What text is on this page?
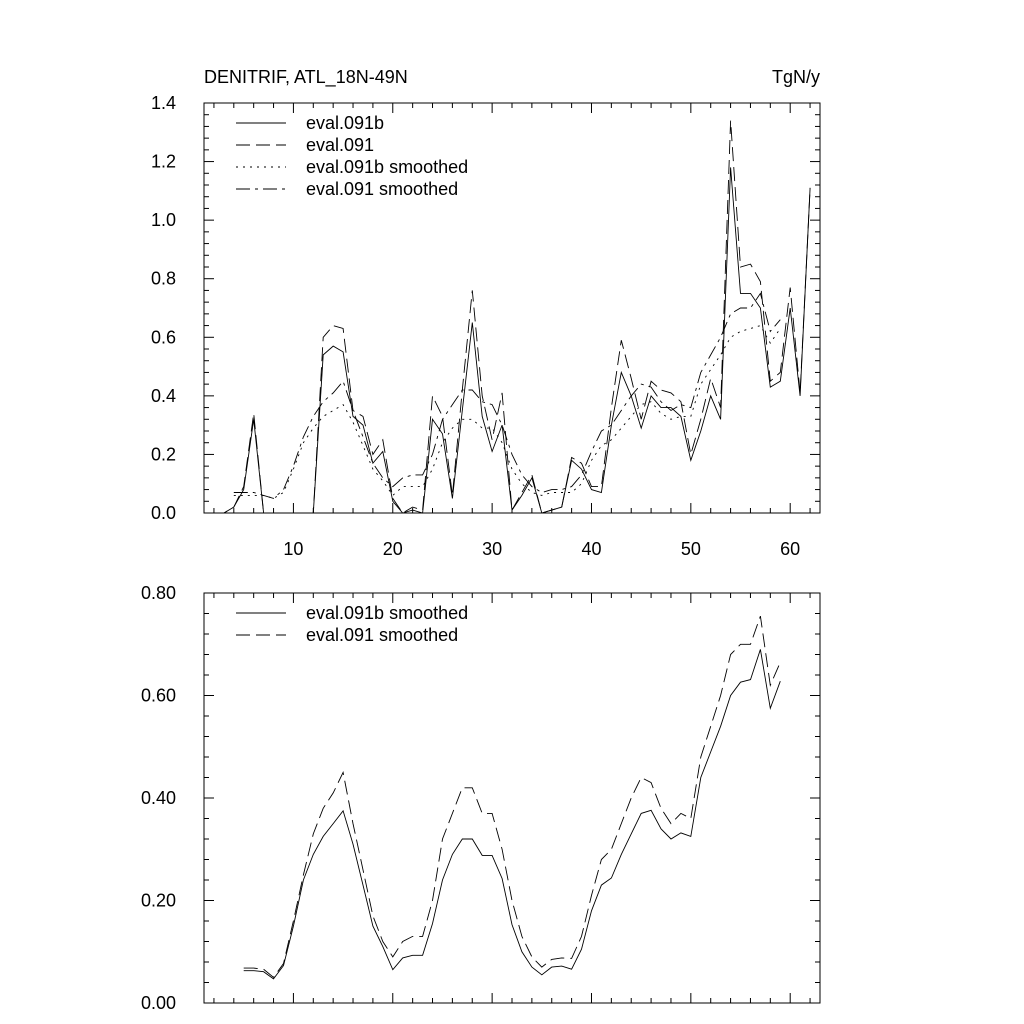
DENITRIF, ATL_18N-49N	TgN/y
0.0
0.2
0.4
0.6
0.8
1.0
1.2
1.4
10	20	30	40	50	60
eval.091b
eval.091
eval.091b smoothed
eval.091 smoothed
0.00
0.20
0.40
0.60
0.80
eval.091b smoothed
eval.091 smoothed
